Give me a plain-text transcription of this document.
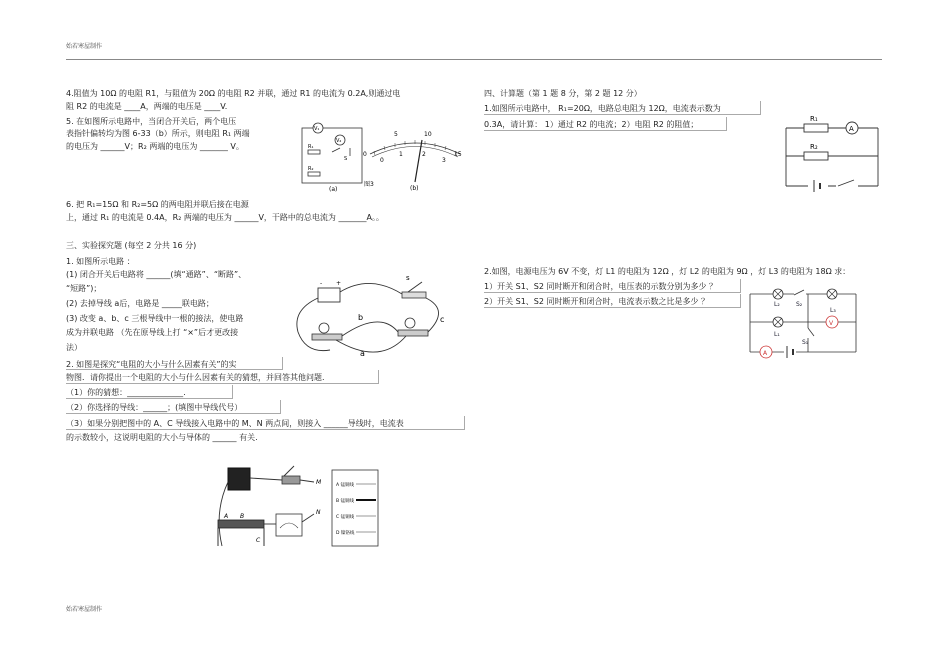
始若寒屋制作
始若寒屋制作
4.阻值为 10Ω 的电阻 R1，与阻值为 20Ω 的电阻 R2 并联，通过 R1 的电流为 0.2A,则通过电
阻 R2 的电流是 ____A，两端的电压是 ____V.
5. 在如图所示电路中，当闭合开关后，两个电压
表指针偏转均为图 6-33（b）所示，则电阻 R₁ 两端
的电压为 ______V；R₂ 两端的电压为 _______ V。
V₁
V₂
R₁
R₂
S
(a)
5	10
0	15
0
1	2
3
图3
(b)
6. 把 R₁=15Ω 和 R₂=5Ω 的两电阻并联后接在电源
上，通过 R₁ 的电流是 0.4A，R₂ 两端的电压为 ______V，干路中的总电流为 _______A。。
三、实验探究题 (每空 2 分共 16 分)
1. 如图所示电路 ：
(1) 闭合开关后电路将 ______(填“通路”、“断路”、
“短路”)；
(2) 去掉导线 a后，电路是 _____联电路；
(3) 改变 a、b、c 三根导线中一根的接法，使电路
成为并联电路 （先在原导线上打 “×”后才更改接
法）
- +
s
b	c
a
2. 如图是探究“电阻的大小与什么因素有关”的实
物图．请你提出一个电阻的大小与什么因素有关的猜想，并回答其他问题.
（1）你的猜想：______________.
（2）你选择的导线：______；(填图中导线代号）
（3）如果分别把图中的 A、C 导线接入电路中的 M、N 两点间，则接入 ______导线时，电流表
的示数较小，这说明电阻的大小与导体的 ______ 有关.
M
A B
C
N
A 锰铜线
B 锰铜线
C 锰铜线
D 镍铬线
四、计算题（第 1 题 8 分，第 2 题 12 分）
1.如图所示电路中， R₁=20Ω，电路总电阻为 12Ω，电流表示数为
0.3A，请计算： 1）通过 R2 的电流；2）电阻 R2 的阻值；
R₁
A
R₂
2.如图，电源电压为 6V 不变，灯 L1 的电阻为 12Ω ，灯 L2 的电阻为 9Ω ，灯 L3 的电阻为 18Ω 求：
1）开关 S1、S2 同时断开和闭合时，电压表的示数分别为多少 ？
2）开关 S1、S2 同时断开和闭合时，电流表示数之比是多少 ？	L₂	S₂
L₃
L₁
V
S₁
A
